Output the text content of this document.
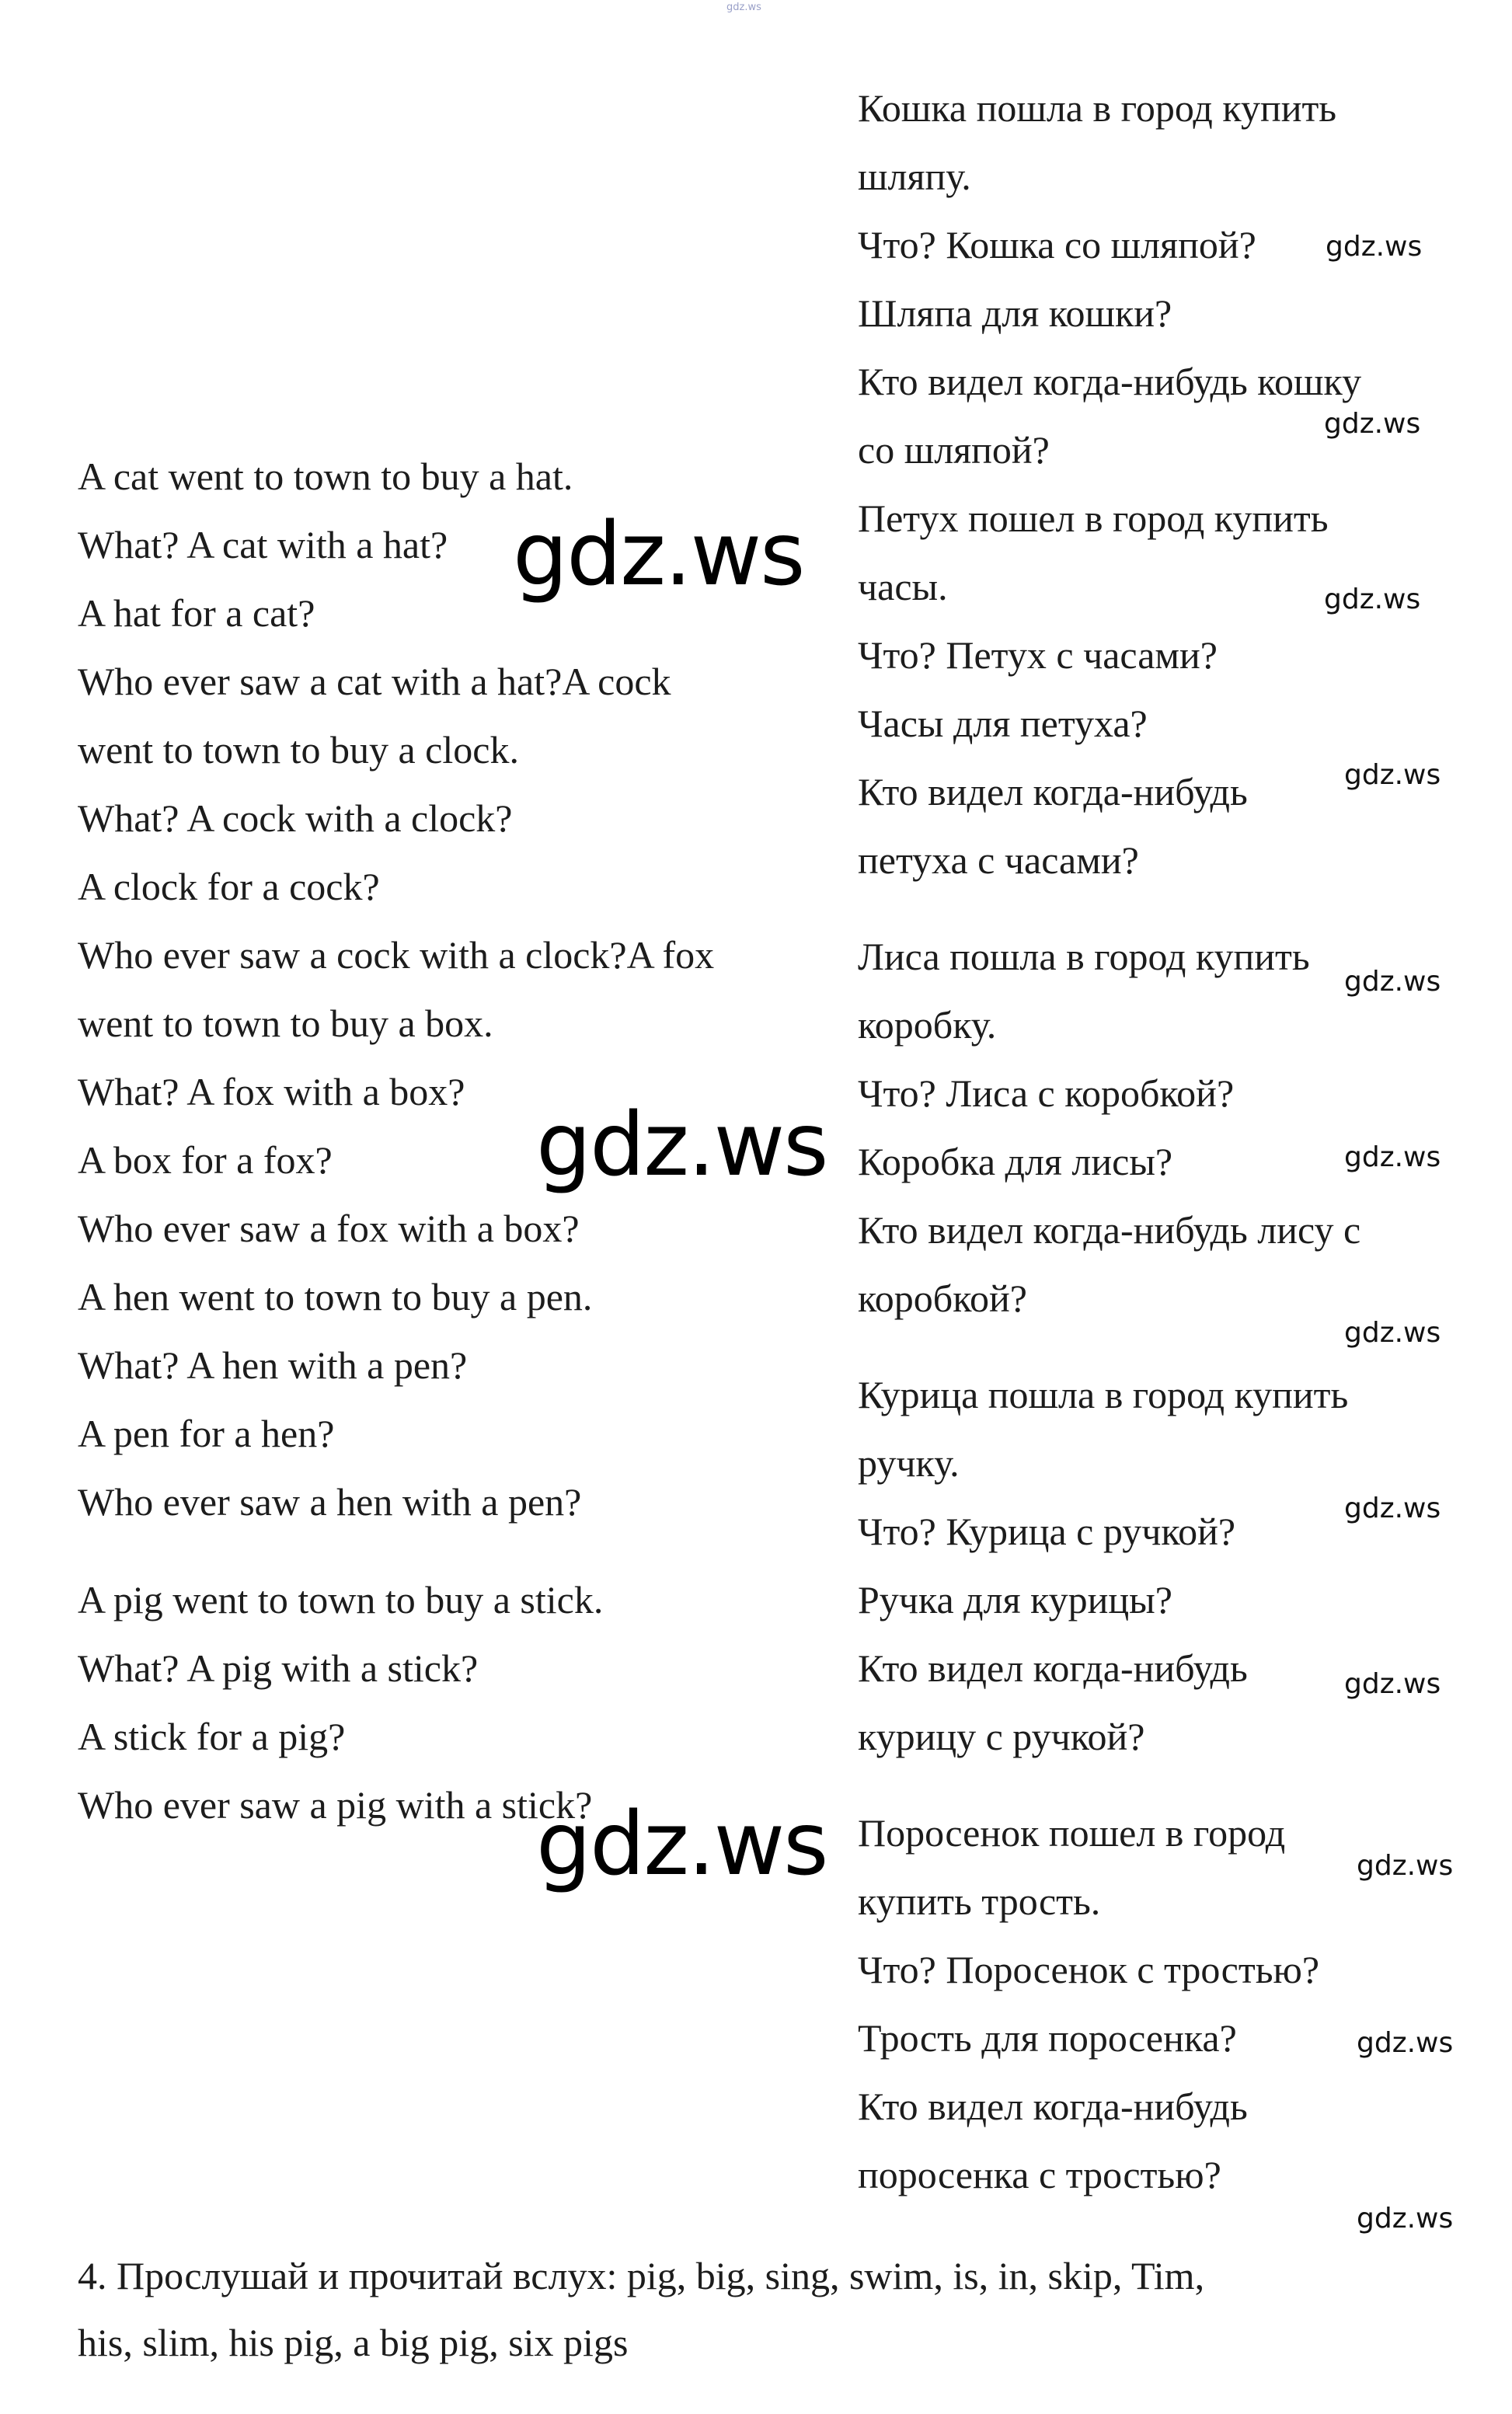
gdz.ws
A cat went to town to buy a hat.
What? A cat with a hat?
A hat for a cat?
Who ever saw a cat with a hat?A cock
went to town to buy a clock.
What? A cock with a clock?
A clock for a cock?
Who ever saw a cock with a clock?A fox
went to town to buy a box.
What? A fox with a box?
A box for a fox?
Who ever saw a fox with a box?
A hen went to town to buy a pen.
What? A hen with a pen?
A pen for a hen?
Who ever saw a hen with a pen?
A pig went to town to buy a stick.
What? A pig with a stick?
A stick for a pig?
Who ever saw a pig with a stick?
Кошка пошла в город купить
шляпу.
Что? Кошка со шляпой?
Шляпа для кошки?
Кто видел когда-нибудь кошку
со шляпой?
Петух пошел в город купить
часы.
Что? Петух с часами?
Часы для петуха?
Кто видел когда-нибудь
петуха с часами?
Лиса пошла в город купить
коробку.
Что? Лиса с коробкой?
Коробка для лисы?
Кто видел когда-нибудь лису с
коробкой?
Курица пошла в город купить
ручку.
Что? Курица с ручкой?
Ручка для курицы?
Кто видел когда-нибудь
курицу с ручкой?
Поросенок пошел в город
купить трость.
Что? Поросенок с тростью?
Трость для поросенка?
Кто видел когда-нибудь
поросенка с тростью?
4. Прослушай и прочитай вслух: pig, big, sing, swim, is, in, skip, Tim,
his, slim, his pig, a big pig, six pigs
gdz.ws
gdz.ws
gdz.ws
gdz.ws
gdz.ws
gdz.ws
gdz.ws
gdz.ws
gdz.ws
gdz.ws
gdz.ws
gdz.ws
gdz.ws
gdz.ws
gdz.ws
